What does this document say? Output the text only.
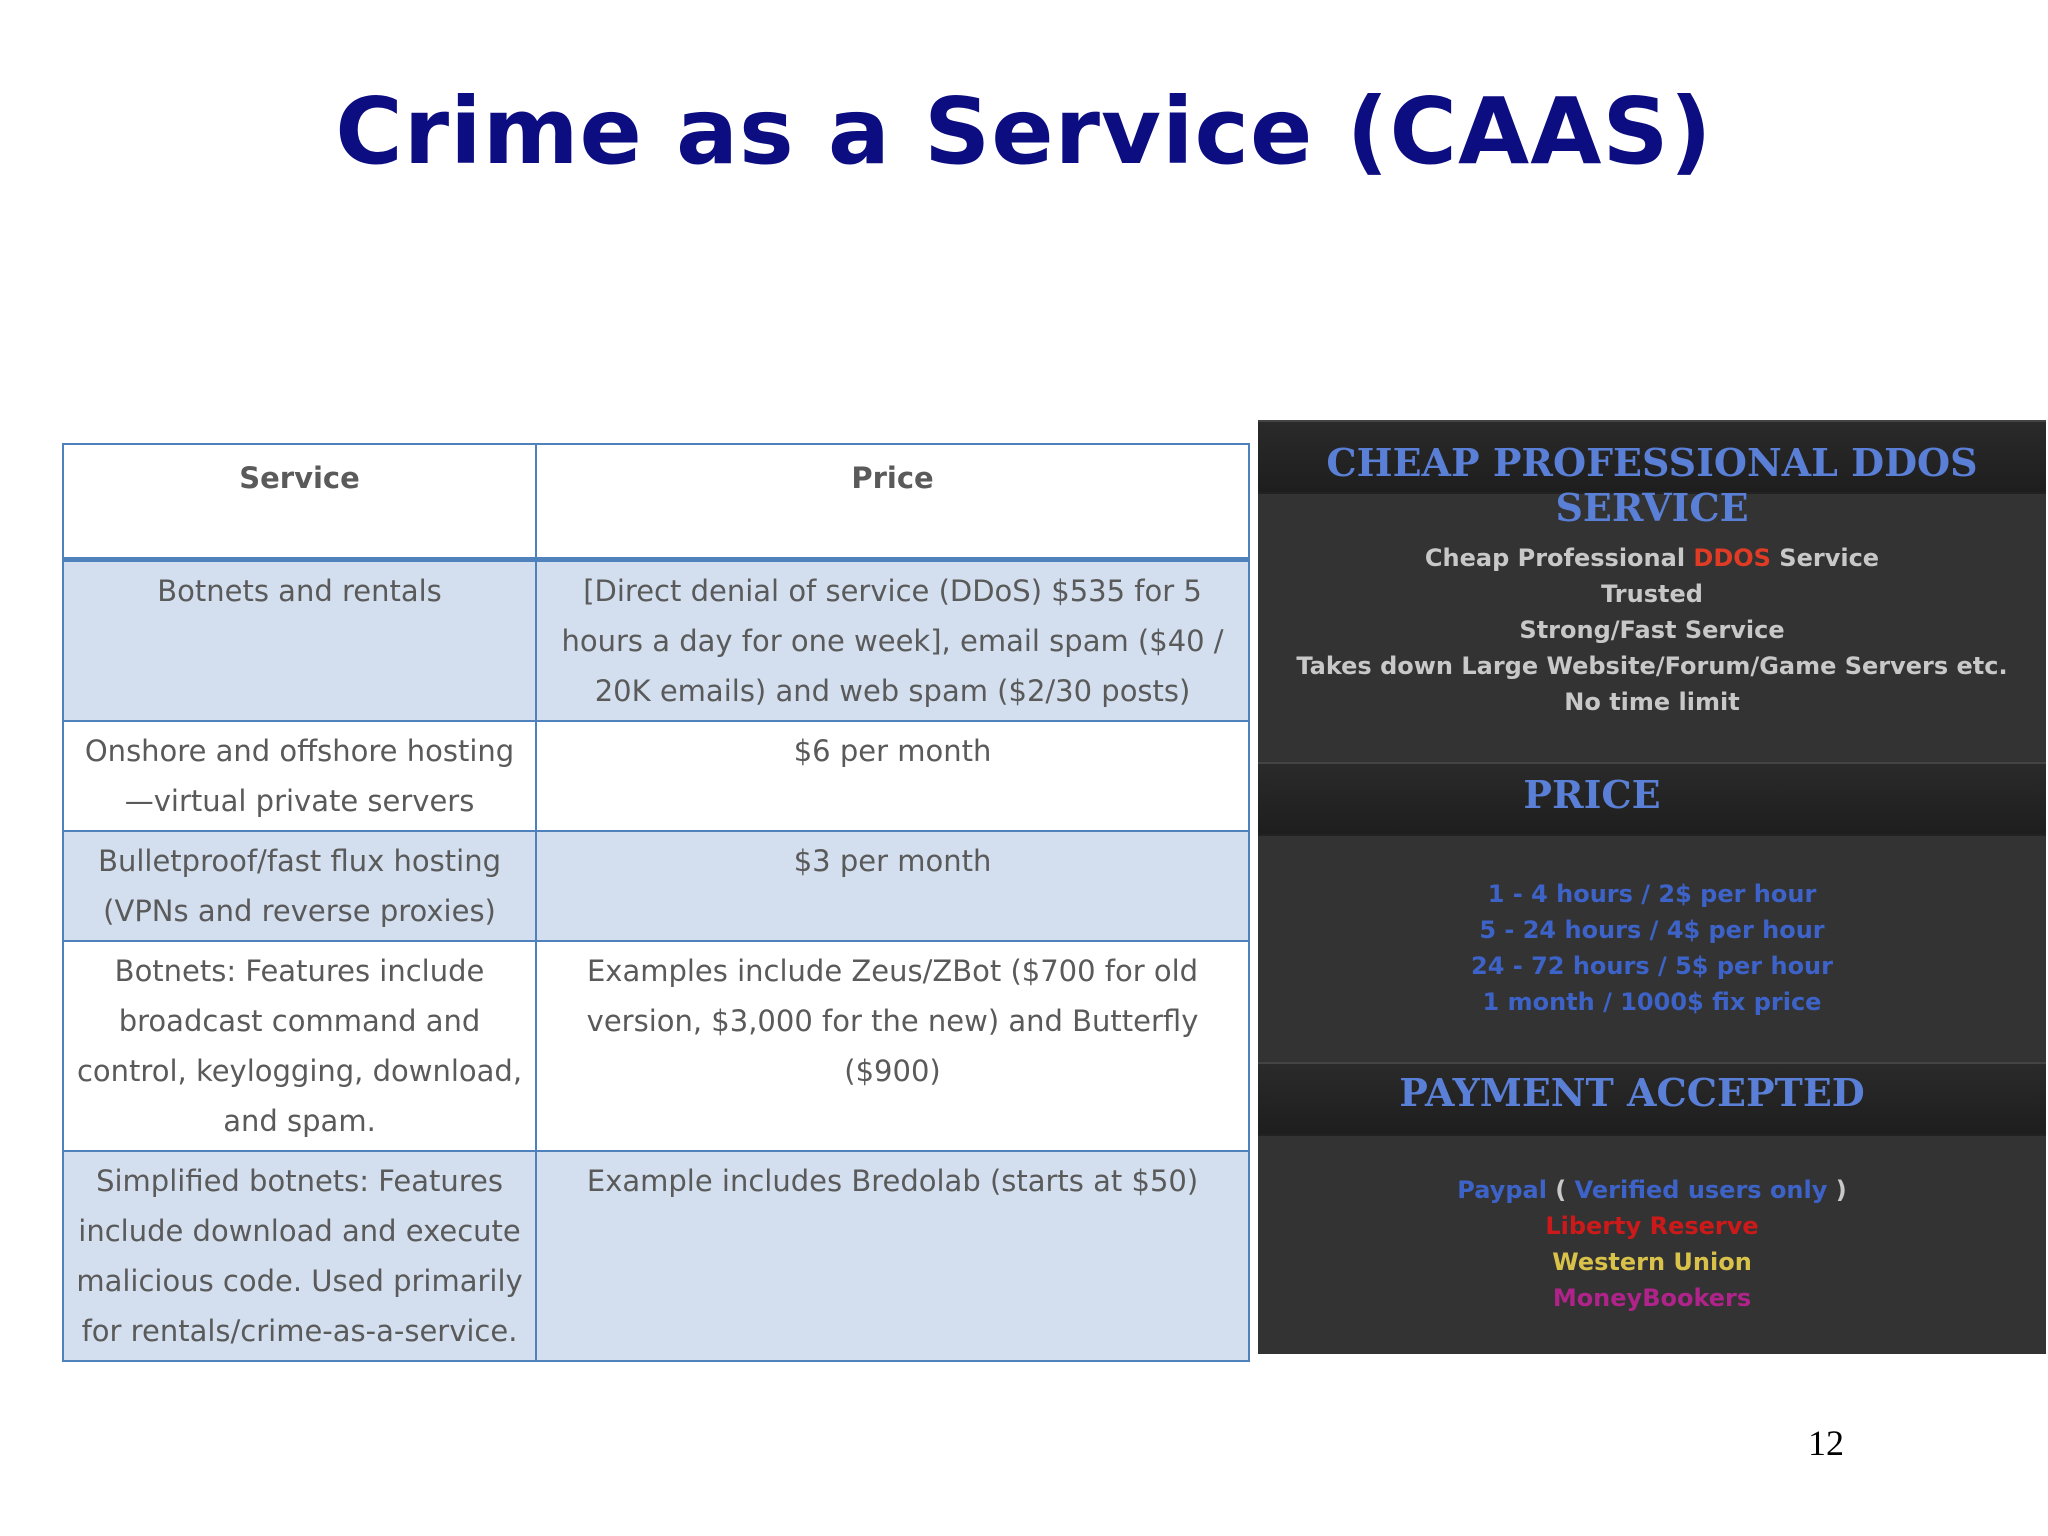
Crime as a Service (CAAS)
Service	Price
Botnets and rentals	[Direct denial of service (DDoS) $535 for 5 hours a day for one week], email spam ($40 / 20K emails) and web spam ($2/30 posts)
Onshore and offshore hosting—virtual private servers	$6 per month
Bulletproof/fast flux hosting (VPNs and reverse proxies)	$3 per month
Botnets: Features include broadcast command and control, keylogging, download, and spam.	Examples include Zeus/ZBot ($700 for old version, $3,000 for the new) and Butterfly ($900)
Simplified botnets: Features include download and execute malicious code. Used primarily for rentals/crime-as-a-service.	Example includes Bredolab (starts at $50)
CHEAP PROFESSIONAL DDOS SERVICE
Cheap Professional DDOS Service
Trusted
Strong/Fast Service
Takes down Large Website/Forum/Game Servers etc.
No time limit
PRICE
1 - 4 hours / 2$ per hour
5 - 24 hours / 4$ per hour
24 - 72 hours / 5$ per hour
1 month / 1000$ fix price
PAYMENT ACCEPTED
Paypal ( Verified users only )
Liberty Reserve
Western Union
MoneyBookers
12
